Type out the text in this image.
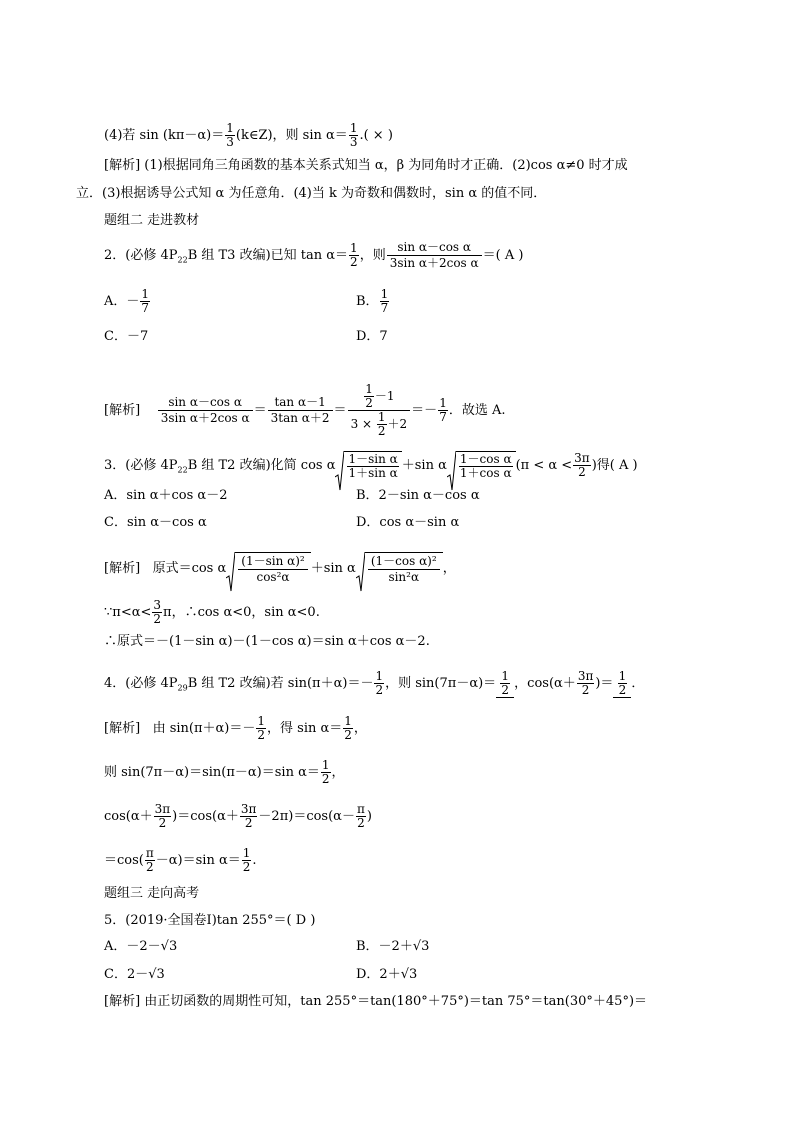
(4)若 $\sin (k\pi-\alpha)= \frac{1}{3}$ (k∈Z)，则 $\sin \alpha= \frac{1}{3}$ .( × )
[解析] (1)根据同角三角函数的基本关系式知当 α，β 为同角时才正确．(2)cos α≠0 时才成
立．(3)根据诱导公式知 α 为任意角．(4)当 k 为奇数和偶数时，sin α 的值不同．
题组二 走进教材
2．(必修 $4P_{22}B$ 组 T3 改编)已知 $\tan \alpha= \frac{1}{2}$ ，则 $\frac{\text{sin α－cos α}}{\text{3sin α＋2cos α}}$ ＝( A )
A．－ $\frac{1}{7}$	B． $\frac{1}{7}$
C．－7	D．7
[解析] $\frac{\text{sin α－cos α}}{\text{3sin α＋2cos α}} = \frac{\text{tan α－1}}{\text{3tan α＋2}} = \frac{\frac{1}{2} -1}{3 \times \frac{1}{2} +2} =- \frac{1}{7}$ ．故选 A.
3．(必修 $4P_{22}B$ 组 T2 改编)化简 cos α $\frac{\text{1－sin α}}{\text{1＋sin α}} +\sin$ α $\frac{\text{1－cos α}}{\text{1＋cos α}} (\pi < \alpha < \frac{3\pi}{2}$ )得( A )
A．sin α＋cos α－2	B．2－sin α－cos α
C．sin α－cos α	D．cos α－sin α
[解析] 原式＝cos α $\frac{\text{(1－sin α)²}}{\text{cos²α}} +\sin$ α $\frac{\text{(1－cos α)²}}{\text{sin²α}}$ ，
∵π<α< $\frac{3}{2}$ π，∴cos α<0，sin α<0.
∴原式＝－(1－sin α)－(1－cos α)＝sin α＋cos α－2.
4．(必修 $4P_{29}B$ 组 T2 改编)若 $\sin(\pi+\alpha)=- \frac{1}{2}$ ，则 $\sin(7\pi-\alpha)= \frac{1}{2}$ ，$\cos(\alpha+ \frac{3\pi}{2}$ )＝ $\frac{1}{2}$ ．
[解析] 由 $\sin(\pi+\alpha)=- \frac{1}{2}$ ，得 $\sin \alpha= \frac{1}{2}$ ，
则 sin(7π－α)＝sin(π－α)＝sin $\alpha= \frac{1}{2}$ ，
$\cos(\alpha+ \frac{3\pi}{2} )=\cos(\alpha+ \frac{3\pi}{2} -2\pi)=\cos(\alpha- \frac{\pi}{2}$ )
$=\cos( \frac{\pi}{2} -\alpha)=\sin$ $\alpha= \frac{1}{2}$ .
题组三 走向高考
5．(2019·全国卷Ⅰ)tan 255°＝( D )
A．－2－√3	B．－2＋√3
C．2－√3	D．2＋√3
[解析] 由正切函数的周期性可知，tan 255°＝tan(180°＋75°)＝tan 75°＝tan(30°＋45°)＝
